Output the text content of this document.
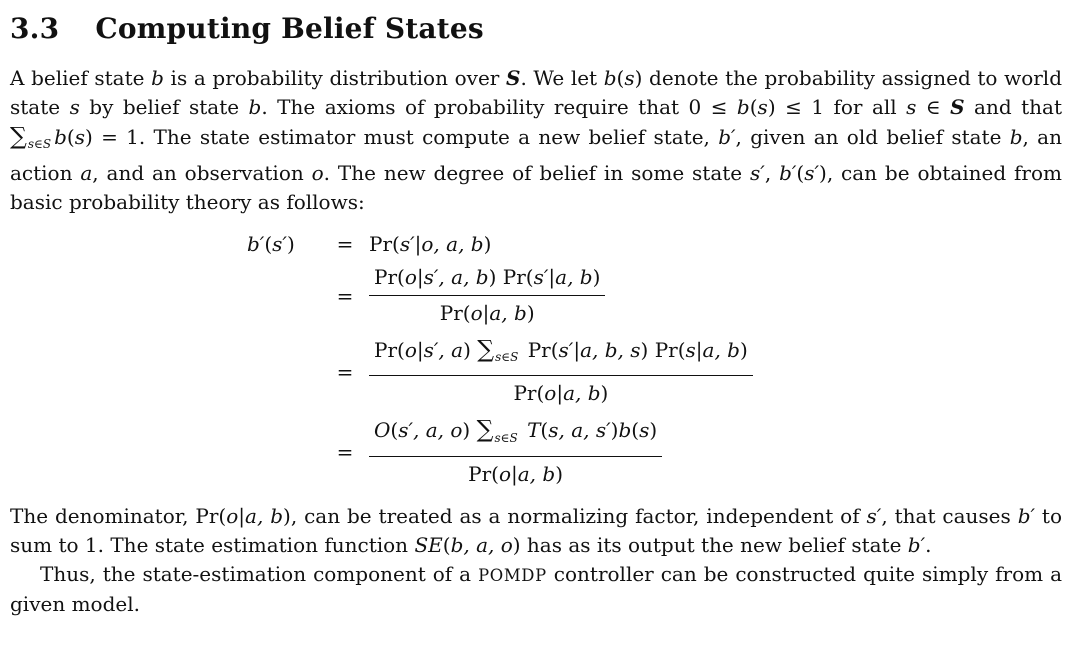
3.3 Computing Belief States

A belief state b is a probability distribution over S. We let b(s) denote the probability assigned to world state s by belief state b. The axioms of probability require that 0 ≤ b(s) ≤ 1 for all s ∈ S and that $\sum_{s\in S}$ b(s) = 1. The state estimator must compute a new belief state, b′, given an old belief state b, an action a, and an observation o. The new degree of belief in some state s′, b′(s′), can be obtained from basic probability theory as follows:

b′(s′)	= Pr(s′|o, a, b)
= $\frac{Pr(o|s', a, b) Pr(s'|a, b)}{Pr(o|a, b)}$
= $\frac{Pr(o|s', a) \sum_{s\in S} Pr(s'|a, b, s) Pr(s|a, b)}{Pr(o|a, b)}$
= $\frac{O(s', a, o) \sum_{s\in S} T(s, a, s')b(s)}{Pr(o|a, b)}$

The denominator, Pr(o|a, b), can be treated as a normalizing factor, independent of s′, that causes b′ to sum to 1. The state estimation function SE(b, a, o) has as its output the new belief state b′.

Thus, the state-estimation component of a POMDP controller can be constructed quite simply from a given model.
